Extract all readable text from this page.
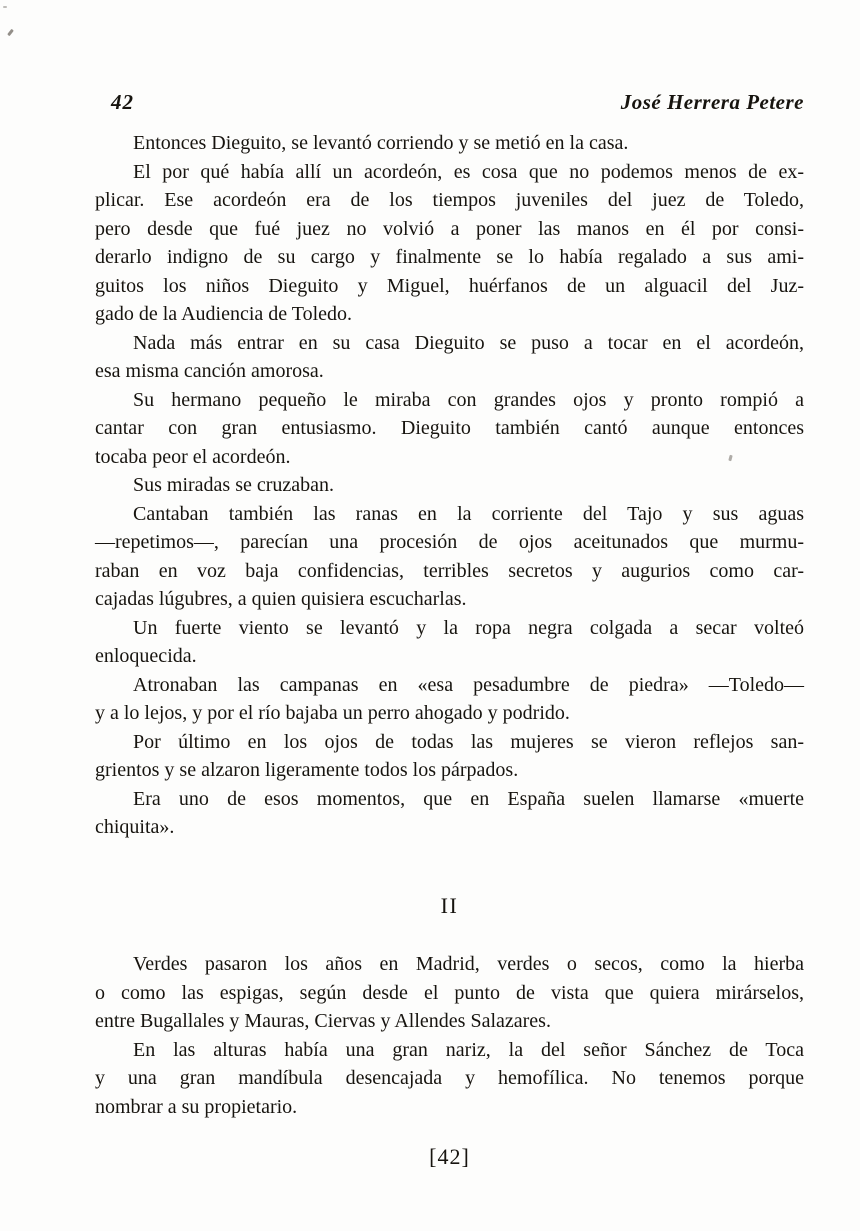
42	José Herrera Petere
Entonces Dieguito, se levantó corriendo y se metió en la casa.
El por qué había allí un acordeón, es cosa que no podemos menos de ex-
plicar. Ese acordeón era de los tiempos juveniles del juez de Toledo,
pero desde que fué juez no volvió a poner las manos en él por consi-
derarlo indigno de su cargo y finalmente se lo había regalado a sus ami-
guitos los niños Dieguito y Miguel, huérfanos de un alguacil del Juz-
gado de la Audiencia de Toledo.
Nada más entrar en su casa Dieguito se puso a tocar en el acordeón,
esa misma canción amorosa.
Su hermano pequeño le miraba con grandes ojos y pronto rompió a
cantar con gran entusiasmo. Dieguito también cantó aunque entonces
tocaba peor el acordeón.
Sus miradas se cruzaban.
Cantaban también las ranas en la corriente del Tajo y sus aguas
—repetimos—, parecían una procesión de ojos aceitunados que murmu-
raban en voz baja confidencias, terribles secretos y augurios como car-
cajadas lúgubres, a quien quisiera escucharlas.
Un fuerte viento se levantó y la ropa negra colgada a secar volteó
enloquecida.
Atronaban las campanas en «esa pesadumbre de piedra» —Toledo—
y a lo lejos, y por el río bajaba un perro ahogado y podrido.
Por último en los ojos de todas las mujeres se vieron reflejos san-
grientos y se alzaron ligeramente todos los párpados.
Era uno de esos momentos, que en España suelen llamarse «muerte
chiquita».
II
Verdes pasaron los años en Madrid, verdes o secos, como la hierba
o como las espigas, según desde el punto de vista que quiera mirárselos,
entre Bugallales y Mauras, Ciervas y Allendes Salazares.
En las alturas había una gran nariz, la del señor Sánchez de Toca
y una gran mandíbula desencajada y hemofílica. No tenemos porque
nombrar a su propietario.
[42]
